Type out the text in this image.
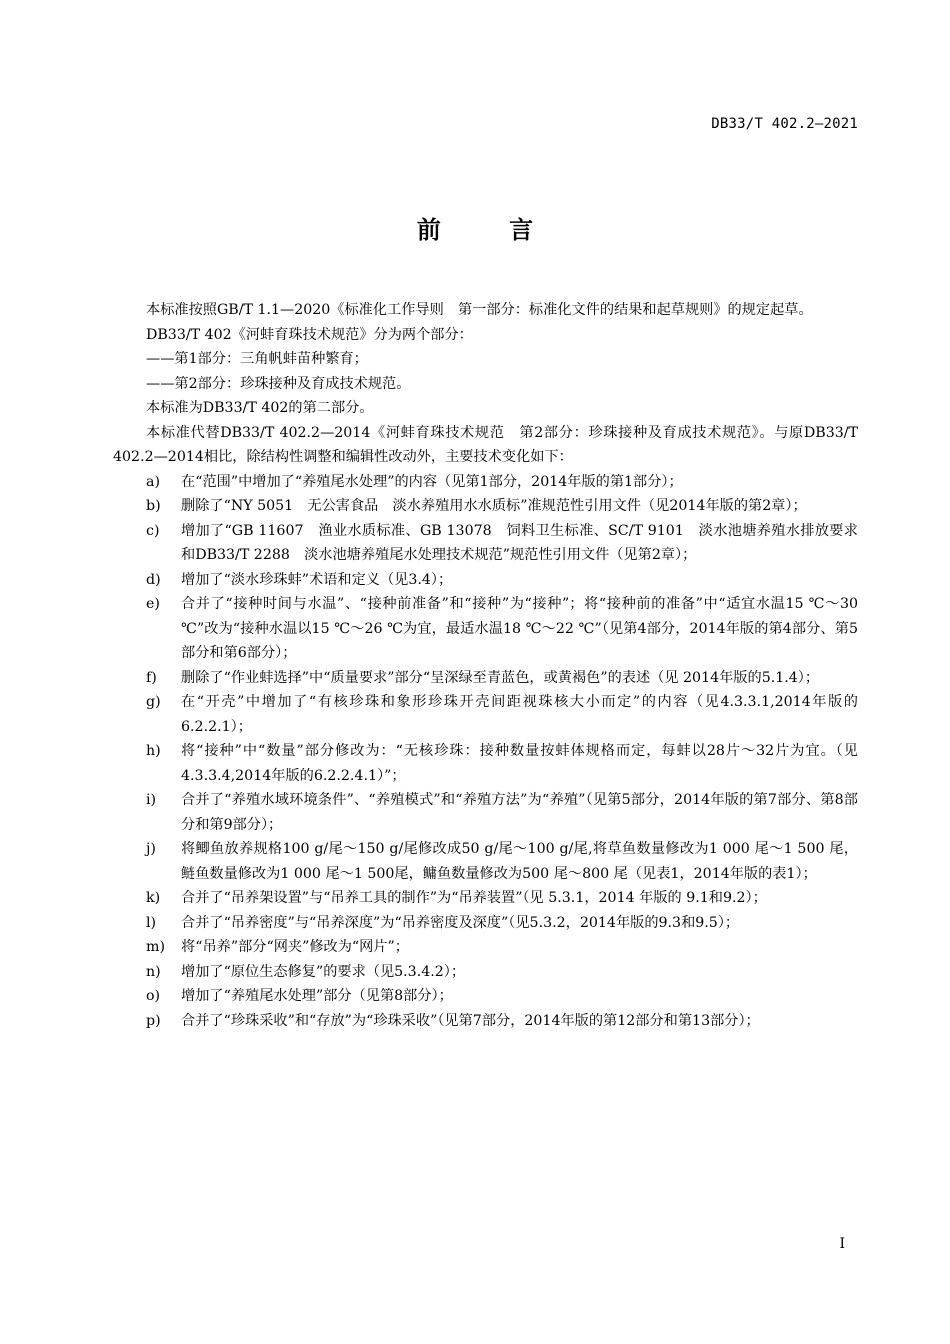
DB33/T 402.2—2021
前 言

本标准按照GB/T 1.1—2020《标准化工作导则　第一部分：标准化文件的结果和起草规则》的规定起草。

DB33/T 402《河蚌育珠技术规范》分为两个部分：

——第1部分：三角帆蚌苗种繁育；

——第2部分：珍珠接种及育成技术规范。

本标准为DB33/T 402的第二部分。

本标准代替DB33/T 402.2—2014《河蚌育珠技术规范　第2部分：珍珠接种及育成技术规范》。与原DB33/T 402.2—2014相比，除结构性调整和编辑性改动外，主要技术变化如下：

a)	在“范围”中增加了“养殖尾水处理”的内容（见第1部分，2014年版的第1部分）；
b)	删除了“NY 5051　无公害食品　淡水养殖用水水质标”准规范性引用文件（见2014年版的第2章）；
c)	增加了“GB 11607　渔业水质标准、GB 13078　饲料卫生标准、SC/T 9101　淡水池塘养殖水排放要求和DB33/T 2288　淡水池塘养殖尾水处理技术规范”规范性引用文件（见第2章）；
d)	增加了“淡水珍珠蚌”术语和定义（见3.4）；
e)	合并了“接种时间与水温”、“接种前准备”和“接种”为“接种”；将“接种前的准备”中“适宜水温15 ℃～30 ℃”改为“接种水温以15 ℃～26 ℃为宜，最适水温18 ℃～22 ℃”（见第4部分，2014年版的第4部分、第5部分和第6部分）；
f)	删除了“作业蚌选择”中“质量要求”部分“呈深绿至青蓝色，或黄褐色”的表述（见 2014年版的5.1.4）；
g)	在“开壳”中增加了“有核珍珠和象形珍珠开壳间距视珠核大小而定”的内容（见4.3.3.1,2014年版的6.2.2.1）；
h)	将“接种”中“数量”部分修改为：“无核珍珠：接种数量按蚌体规格而定，每蚌以28片～32片为宜。（见4.3.3.4,2014年版的6.2.2.4.1）”；
i)	合并了“养殖水域环境条件”、“养殖模式”和“养殖方法”为“养殖”（见第5部分，2014年版的第7部分、第8部分和第9部分）；
j)	将鲫鱼放养规格100 g/尾～150 g/尾修改成50 g/尾～100 g/尾,将草鱼数量修改为1 000 尾～1 500 尾，鲢鱼数量修改为1 000 尾～1 500尾，鳙鱼数量修改为500 尾～800 尾（见表1，2014年版的表1）；
k)	合并了“吊养架设置”与“吊养工具的制作”为“吊养装置”（见 5.3.1，2014 年版的 9.1和9.2）；
l)	合并了“吊养密度”与“吊养深度”为“吊养密度及深度”（见5.3.2，2014年版的9.3和9.5）；
m)	将“吊养”部分“网夹”修改为“网片”；
n)	增加了“原位生态修复”的要求（见5.3.4.2）；
o)	增加了“养殖尾水处理”部分（见第8部分）；
p)	合并了“珍珠采收”和“存放”为“珍珠采收”（见第7部分，2014年版的第12部分和第13部分）；
I
